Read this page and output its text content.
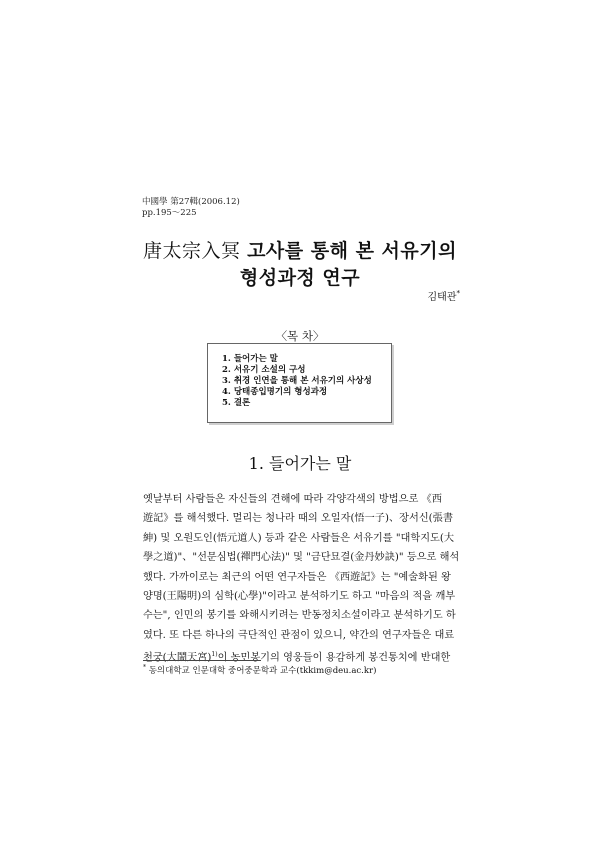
中國學 第27輯(2006.12)
pp.195～225
唐太宗入冥 고사를 통해 본 서유기의
형성과정 연구
김태관*
〈목 차〉
1. 들어가는 말
2. 서유기 소설의 구성
3. 취경 인연을 통해 본 서유기의 사상성
4. 당태종입명기의 형성과정
5. 결론
1. 들어가는 말
옛날부터 사람들은 자신들의 견해에 따라 각양각색의 방법으로 《西
遊記》를 해석했다. 멀리는 청나라 때의 오일자(悟一子)、장서신(張書
紳) 및 오원도인(悟元道人) 등과 같은 사람들은 서유기를 "대학지도(大
學之道)"、"선문심법(禪門心法)" 및 "금단묘결(金丹妙訣)" 등으로 해석
했다. 가까이로는 최근의 어떤 연구자들은 《西遊記》는 "예술화된 왕
양명(王陽明)의 심학(心學)"이라고 분석하기도 하고 "마음의 적을 깨부
수는", 인민의 봉기를 와해시키려는 반동정치소설이라고 분석하기도 하
였다. 또 다른 하나의 극단적인 관점이 있으니, 약간의 연구자들은 대료
천궁(大鬧天宮)$^{1)}$이 농민봉기의 영웅들이 용감하게 봉건통치에 반대한
* 동의대학교 인문대학 중어중문학과 교수(tkkim@deu.ac.kr)
